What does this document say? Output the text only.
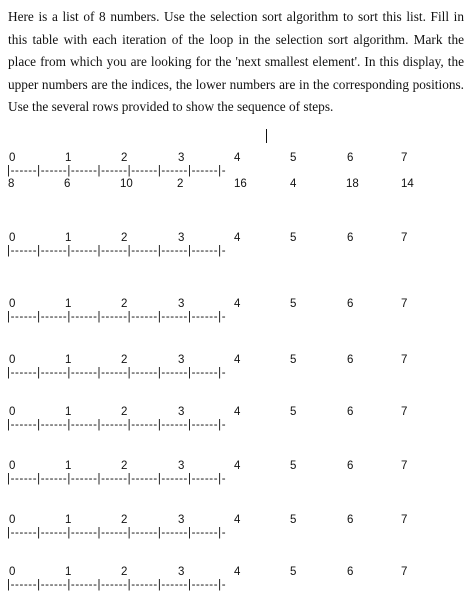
Here is a list of 8 numbers. Use the selection sort algorithm to sort this list. Fill in this table with each iteration of the loop in the selection sort algorithm. Mark the place from which you are looking for the 'next smallest element'. In this display, the upper numbers are the indices, the lower numbers are in the corresponding positions. Use the several rows provided to show the sequence of steps.
0	1	2	3	4	5	6	7
|------|------|------|------|------|------|------|-
8	6	10	2	16	4	18	14
0	1	2	3	4	5	6	7
|------|------|------|------|------|------|------|-
0	1	2	3	4	5	6	7
|------|------|------|------|------|------|------|-
0	1	2	3	4	5	6	7
|------|------|------|------|------|------|------|-
0	1	2	3	4	5	6	7
|------|------|------|------|------|------|------|-
0	1	2	3	4	5	6	7
|------|------|------|------|------|------|------|-
0	1	2	3	4	5	6	7
|------|------|------|------|------|------|------|-
0	1	2	3	4	5	6	7
|------|------|------|------|------|------|------|-
